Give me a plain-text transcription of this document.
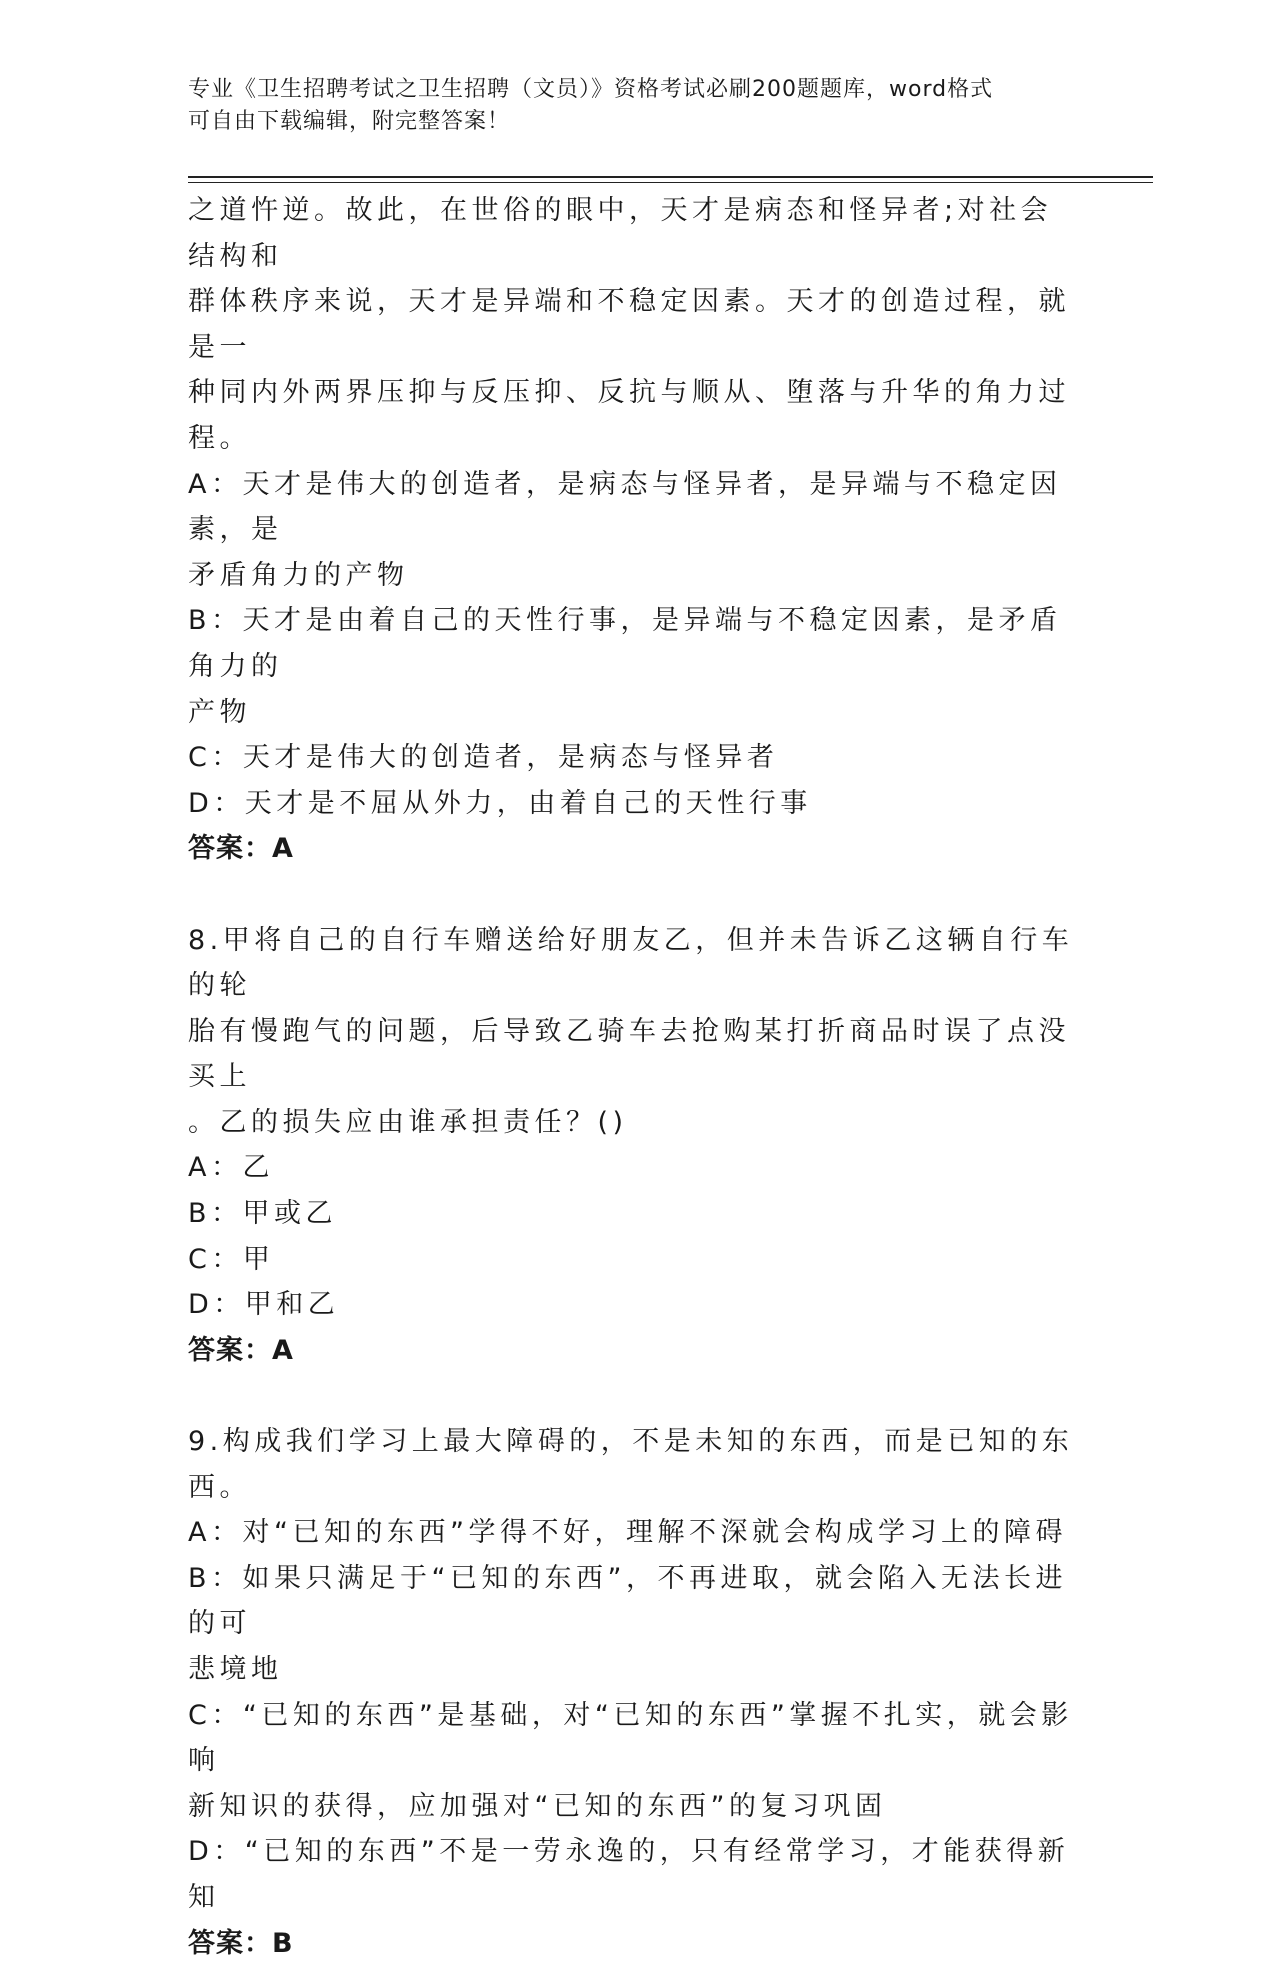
专业《卫生招聘考试之卫生招聘（文员）》资格考试必刷200题题库，word格式
可自由下载编辑，附完整答案！

之道忤逆。故此，在世俗的眼中，天才是病态和怪异者;对社会结构和

群体秩序来说，天才是异端和不稳定因素。天才的创造过程，就是一

种同内外两界压抑与反压抑、反抗与顺从、堕落与升华的角力过程。

A：天才是伟大的创造者，是病态与怪异者，是异端与不稳定因素，是

矛盾角力的产物

B：天才是由着自己的天性行事，是异端与不稳定因素，是矛盾角力的

产物

C：天才是伟大的创造者，是病态与怪异者

D：天才是不屈从外力，由着自己的天性行事

答案：A

8.甲将自己的自行车赠送给好朋友乙，但并未告诉乙这辆自行车的轮

胎有慢跑气的问题，后导致乙骑车去抢购某打折商品时误了点没买上

。乙的损失应由谁承担责任？()

A：乙

B：甲或乙

C：甲

D：甲和乙

答案：A

9.构成我们学习上最大障碍的，不是未知的东西，而是已知的东西。

A：对“已知的东西”学得不好，理解不深就会构成学习上的障碍

B：如果只满足于“已知的东西”，不再进取，就会陷入无法长进的可

悲境地

C：“已知的东西”是基础，对“已知的东西”掌握不扎实，就会影响

新知识的获得，应加强对“已知的东西”的复习巩固

D：“已知的东西”不是一劳永逸的，只有经常学习，才能获得新知

答案：B
